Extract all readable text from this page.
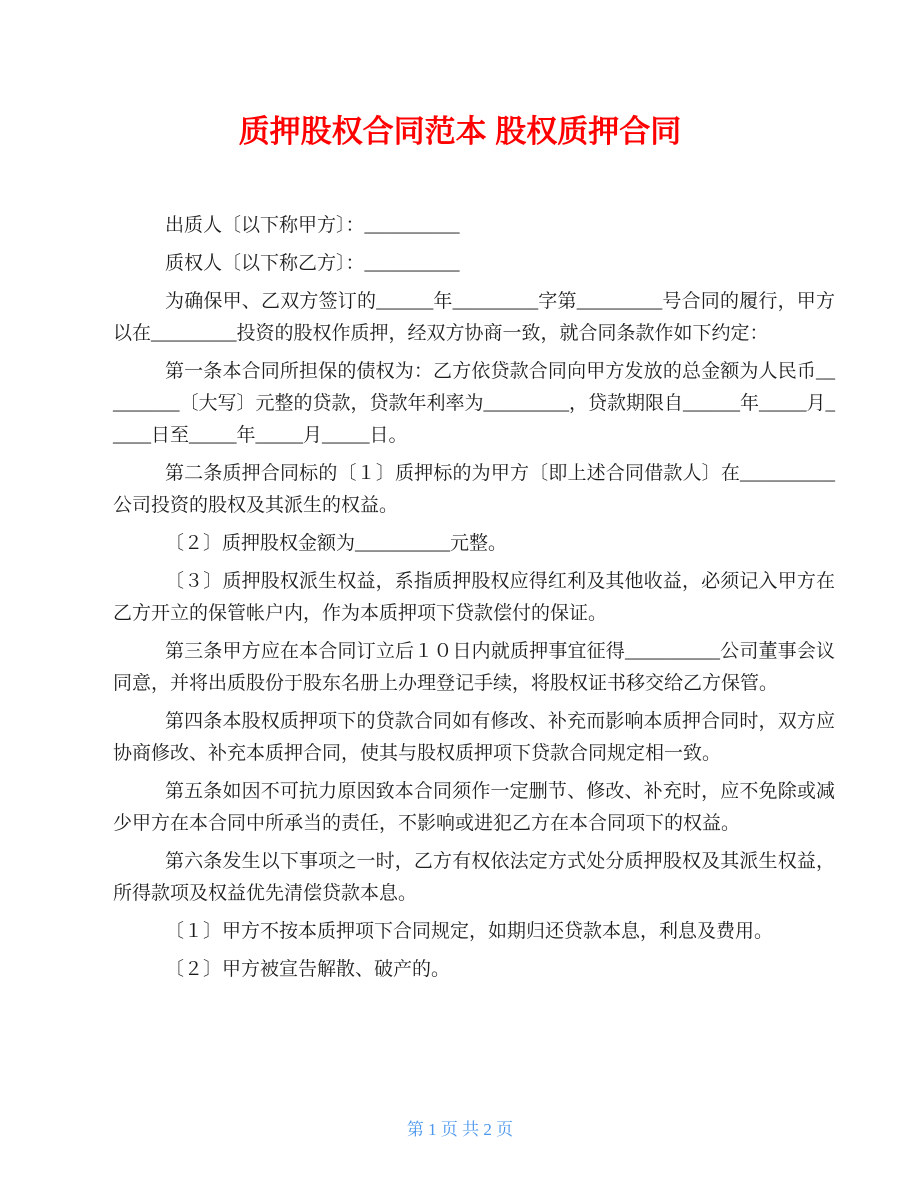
质押股权合同范本 股权质押合同

出质人〔以下称甲方〕：__________

质权人〔以下称乙方〕：__________

为确保甲、乙双方签订的______年_________字第_________号合同的履行，甲方以在_________投资的股权作质押，经双方协商一致，就合同条款作如下约定：

第一条本合同所担保的债权为：乙方依贷款合同向甲方发放的总金额为人民币_________〔大写〕元整的贷款，贷款年利率为_________，贷款期限自______年_____月_____日至_____年_____月_____日。

第二条质押合同标的〔１〕质押标的为甲方〔即上述合同借款人〕在__________公司投资的股权及其派生的权益。

〔２〕质押股权金额为__________元整。

〔３〕质押股权派生权益，系指质押股权应得红利及其他收益，必须记入甲方在乙方开立的保管帐户内，作为本质押项下贷款偿付的保证。

第三条甲方应在本合同订立后１０日内就质押事宜征得__________公司董事会议同意，并将出质股份于股东名册上办理登记手续，将股权证书移交给乙方保管。

第四条本股权质押项下的贷款合同如有修改、补充而影响本质押合同时，双方应协商修改、补充本质押合同，使其与股权质押项下贷款合同规定相一致。

第五条如因不可抗力原因致本合同须作一定删节、修改、补充时，应不免除或减少甲方在本合同中所承当的责任，不影响或进犯乙方在本合同项下的权益。

第六条发生以下事项之一时，乙方有权依法定方式处分质押股权及其派生权益，所得款项及权益优先清偿贷款本息。

〔１〕甲方不按本质押项下合同规定，如期归还贷款本息，利息及费用。

〔２〕甲方被宣告解散、破产的。

第 1 页 共 2 页
